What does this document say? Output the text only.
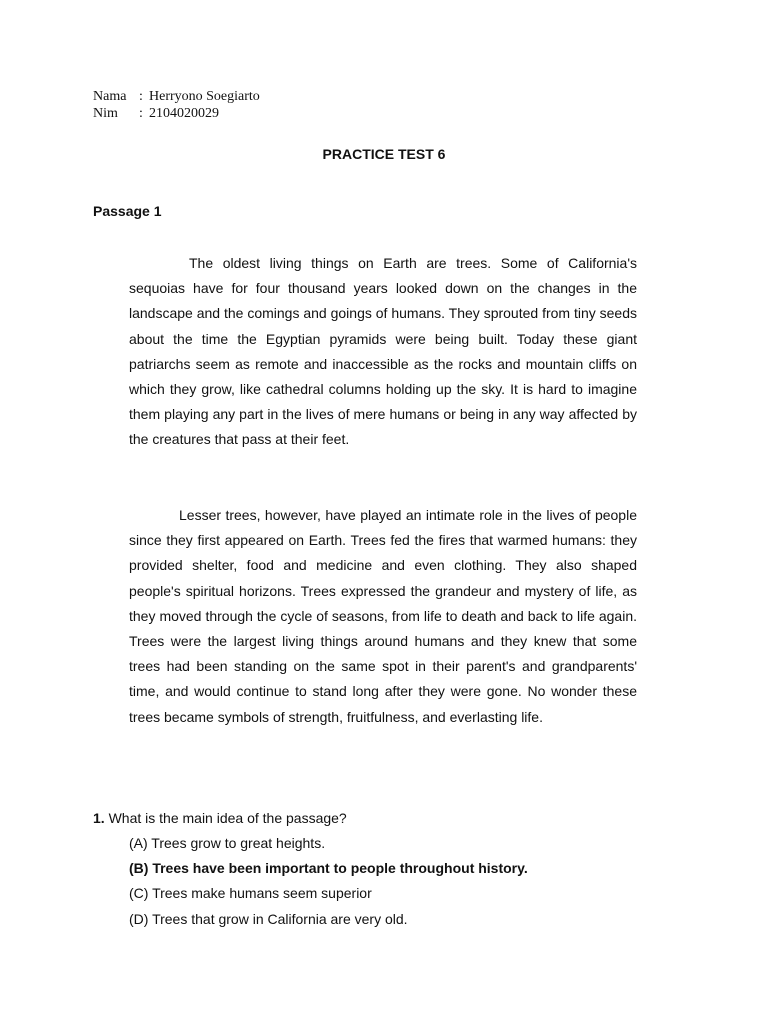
Nama : Herryono Soegiarto
Nim	: 2104020029
PRACTICE TEST 6
Passage 1

The oldest living things on Earth are trees. Some of California's sequoias have for four thousand years looked down on the changes in the landscape and the comings and goings of humans. They sprouted from tiny seeds about the time the Egyptian pyramids were being built. Today these giant patriarchs seem as remote and inaccessible as the rocks and mountain cliffs on which they grow, like cathedral columns holding up the sky. It is hard to imagine them playing any part in the lives of mere humans or being in any way affected by the creatures that pass at their feet.

Lesser trees, however, have played an intimate role in the lives of people since they first appeared on Earth. Trees fed the fires that warmed humans: they provided shelter, food and medicine and even clothing. They also shaped people's spiritual horizons. Trees expressed the grandeur and mystery of life, as they moved through the cycle of seasons, from life to death and back to life again. Trees were the largest living things around humans and they knew that some trees had been standing on the same spot in their parent's and grandparents' time, and would continue to stand long after they were gone. No wonder these trees became symbols of strength, fruitfulness, and everlasting life.

1. What is the main idea of the passage?
(A) Trees grow to great heights.
(B) Trees have been important to people throughout history.
(C) Trees make humans seem superior
(D) Trees that grow in California are very old.
